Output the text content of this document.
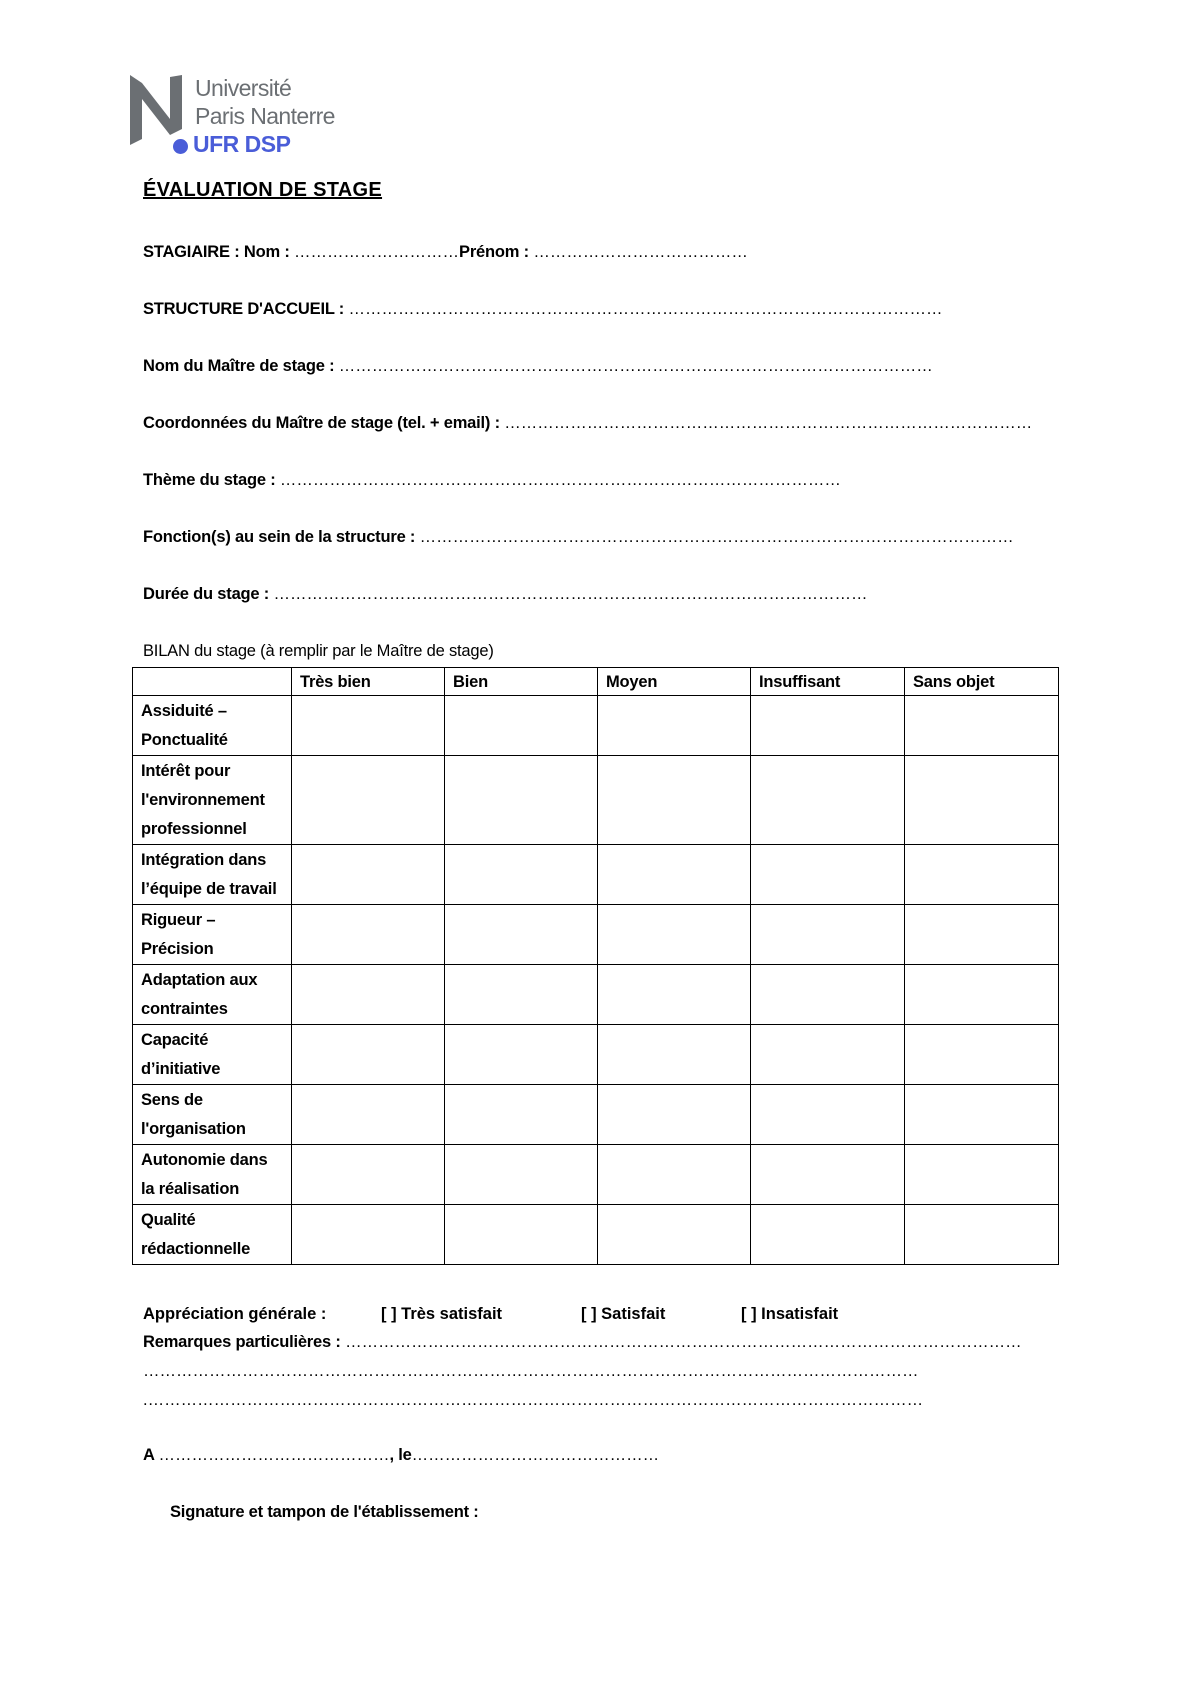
Université
Paris Nanterre
UFR DSP
ÉVALUATION DE STAGE
STAGIAIRE : Nom : …………………………Prénom : …………………………………
STRUCTURE D'ACCUEIL : ………………………………………………………………………………………………
Nom du Maître de stage : ………………………………………………………………………………………………
Coordonnées du Maître de stage (tel. + email) : ……………………………………………………………………………………
Thème du stage : …………………………………………………………………………………………
Fonction(s) au sein de la structure : ………………………………………………………………………………………………
Durée du stage : ………………………………………………………………………………………………
BILAN du stage (à remplir par le Maître de stage)
	Très bien	Bien	Moyen	Insuffisant	Sans objet
Assiduité – Ponctualité					
Intérêt pour l'environnement professionnel					
Intégration dans l’équipe de travail					
Rigueur – Précision					
Adaptation aux contraintes					
Capacité d’initiative					
Sens de l'organisation					
Autonomie dans la réalisation					
Qualité rédactionnelle					
Appréciation générale :	[ ] Très satisfait	[ ] Satisfait	[ ] Insatisfait
Remarques particulières : ……………………………………………………………………………………………………………
……………………………………………………………………………………………………………………………
.……………………………………………………………………………………………………………………………
A ……………………………………, le………………………………………
Signature et tampon de l'établissement :
